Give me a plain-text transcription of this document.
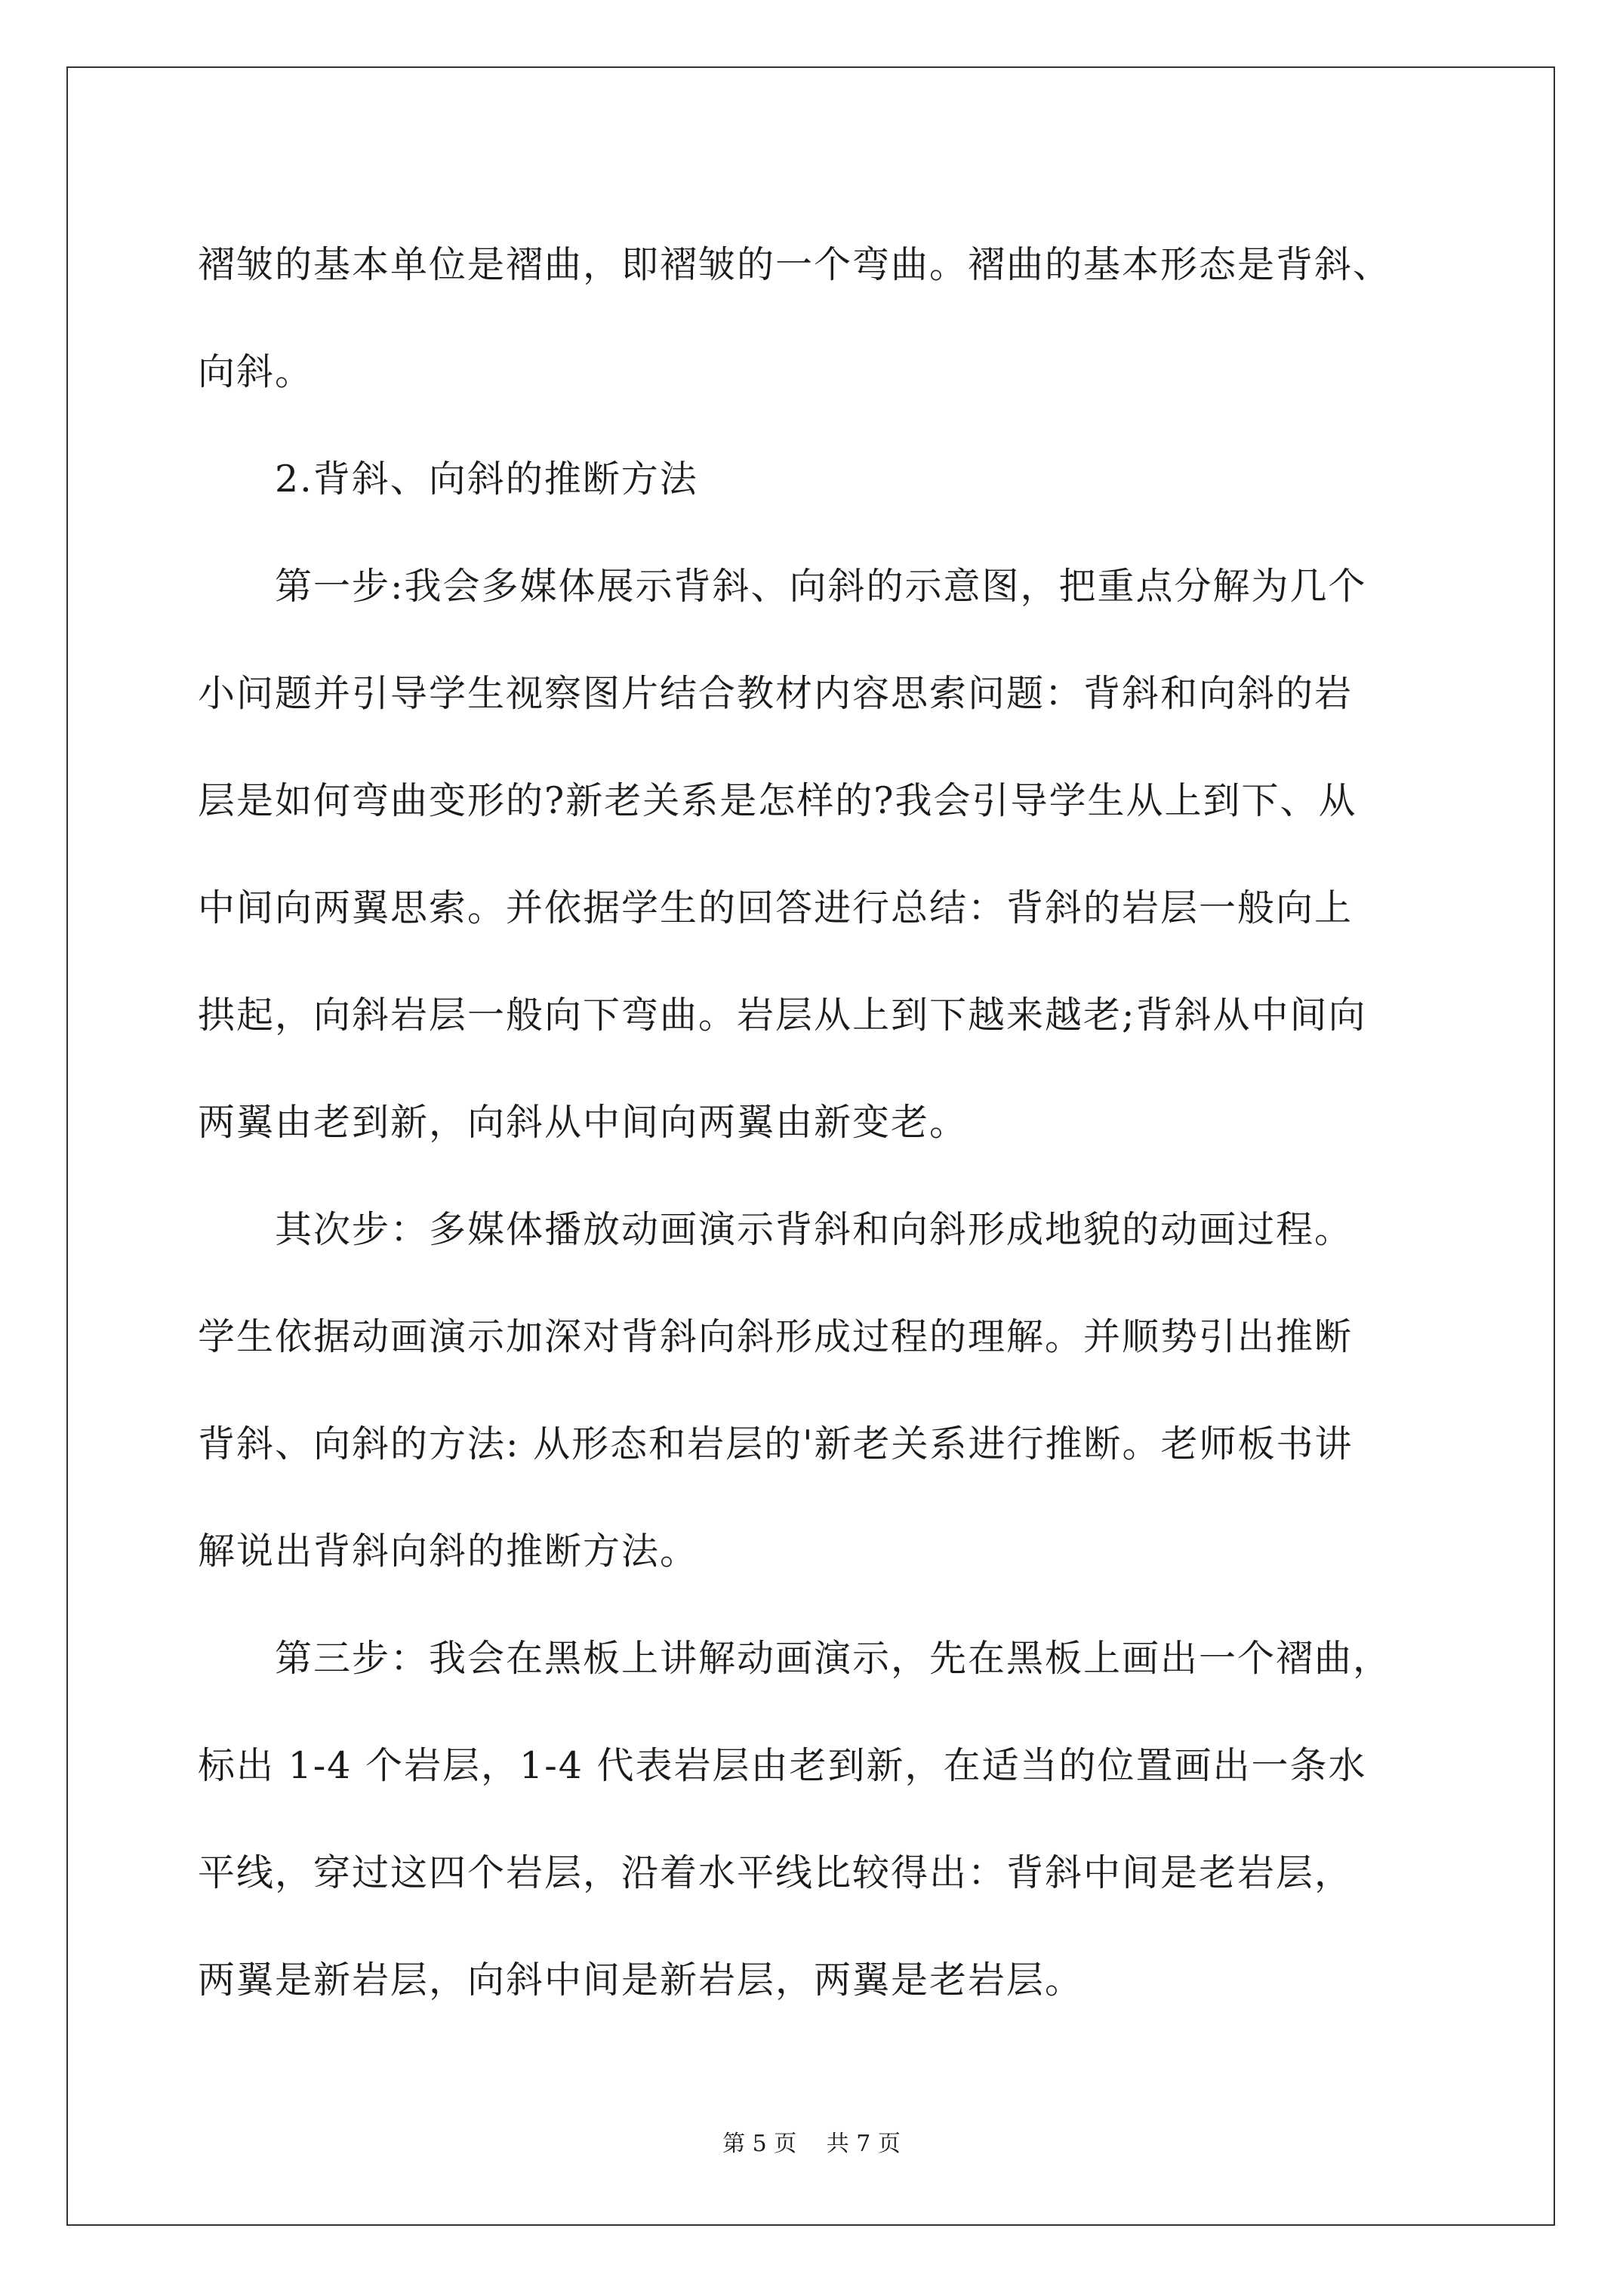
褶皱的基本单位是褶曲，即褶皱的一个弯曲。褶曲的基本形态是背斜、
向斜。
　　2.背斜、向斜的推断方法
　　第一步:我会多媒体展示背斜、向斜的示意图，把重点分解为几个
小问题并引导学生视察图片结合教材内容思索问题：背斜和向斜的岩
层是如何弯曲变形的?新老关系是怎样的?我会引导学生从上到下、从
中间向两翼思索。并依据学生的回答进行总结：背斜的岩层一般向上
拱起，向斜岩层一般向下弯曲。岩层从上到下越来越老;背斜从中间向
两翼由老到新，向斜从中间向两翼由新变老。
　　其次步：多媒体播放动画演示背斜和向斜形成地貌的动画过程。
学生依据动画演示加深对背斜向斜形成过程的理解。并顺势引出推断
背斜、向斜的方法: 从形态和岩层的'新老关系进行推断。老师板书讲
解说出背斜向斜的推断方法。
　　第三步：我会在黑板上讲解动画演示，先在黑板上画出一个褶曲，
标出 1-4 个岩层，1-4 代表岩层由老到新，在适当的位置画出一条水
平线，穿过这四个岩层，沿着水平线比较得出：背斜中间是老岩层，
两翼是新岩层，向斜中间是新岩层，两翼是老岩层。
第 5 页　 共 7 页
